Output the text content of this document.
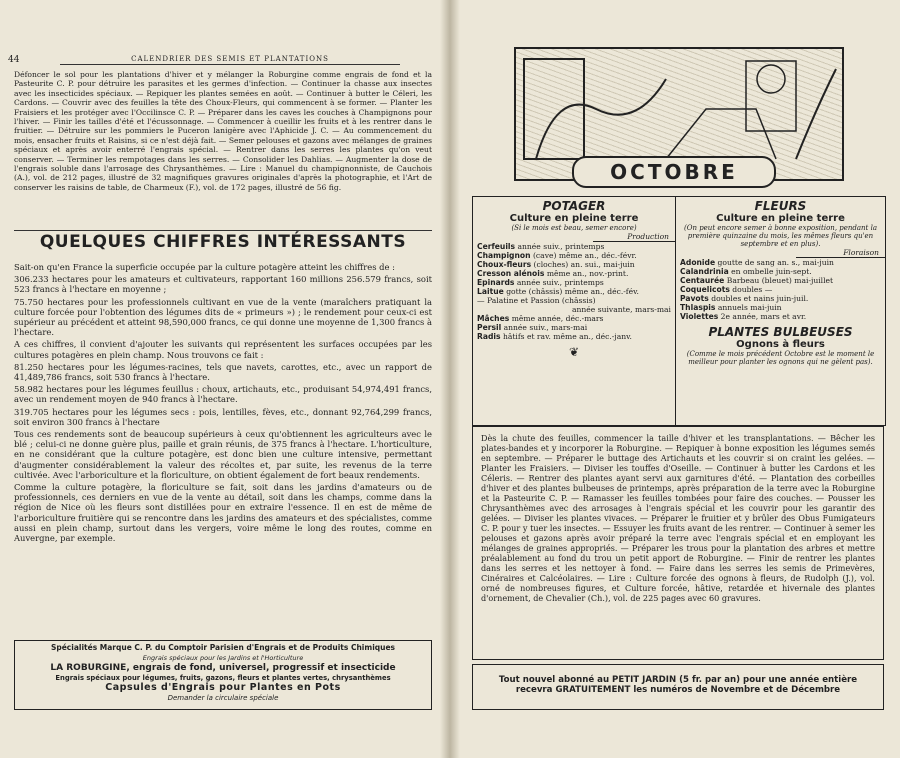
44	CALENDRIER DES SEMIS ET PLANTATIONS
Défoncer le sol pour les plantations d'hiver et y mélanger la Roburgine comme engrais de fond et la Pasteurite C. P. pour détruire les parasites et les germes d'infection. — Continuer la chasse aux insectes avec les insecticides spéciaux. — Repiquer les plantes semées en août. — Continuer à butter le Céleri, les Cardons. — Couvrir avec des feuilles la tête des Choux-Fleurs, qui commencent à se former. — Planter les Fraisiers et les protéger avec l'Occilinsce C. P. — Préparer dans les caves les couches à Champignons pour l'hiver. — Finir les tailles d'été et l'écussonnage. — Commencer à cueillir les fruits et à les rentrer dans le fruitier. — Détruire sur les pommiers le Puceron lanigère avec l'Aphicide J. C. — Au commencement du mois, ensacher fruits et Raisins, si ce n'est déjà fait. — Semer pelouses et gazons avec mélanges de graines spéciaux et après avoir enterré l'engrais spécial. — Rentrer dans les serres les plantes qu'on veut conserver. — Terminer les rempotages dans les serres. — Consolider les Dahlias. — Augmenter la dose de l'engrais soluble dans l'arrosage des Chrysanthèmes. — Lire : Manuel du champignonniste, de Cauchois (A.), vol. de 212 pages, illustré de 32 magnifiques gravures originales d'après la photographie, et l'Art de conserver les raisins de table, de Charmeux (F.), vol. de 172 pages, illustré de 56 fig.
QUELQUES CHIFFRES INTÉRESSANTS

Sait-on qu'en France la superficie occupée par la culture potagère atteint les chiffres de :

306.233 hectares pour les amateurs et cultivateurs, rapportant 160 millions 256.579 francs, soit 523 francs à l'hectare en moyenne ;

75.750 hectares pour les professionnels cultivant en vue de la vente (maraîchers pratiquant la culture forcée pour l'obtention des légumes dits de « primeurs ») ; le rendement pour ceux-ci est supérieur au précédent et atteint 98,590,000 francs, ce qui donne une moyenne de 1,300 francs à l'hectare.

A ces chiffres, il convient d'ajouter les suivants qui représentent les surfaces occupées par les cultures potagères en plein champ. Nous trouvons ce fait :

81.250 hectares pour les légumes-racines, tels que navets, carottes, etc., avec un rapport de 41,489,786 francs, soit 530 francs à l'hectare.

58.982 hectares pour les légumes feuillus : choux, artichauts, etc., produisant 54,974,491 francs, avec un rendement moyen de 940 francs à l'hectare.

319.705 hectares pour les légumes secs : pois, lentilles, fèves, etc., donnant 92,764,299 francs, soit environ 300 francs à l'hectare

Tous ces rendements sont de beaucoup supérieurs à ceux qu'obtiennent les agriculteurs avec le blé ; celui-ci ne donne guère plus, paille et grain réunis, de 375 francs à l'hectare. L'horticulture, en ne considérant que la culture potagère, est donc bien une culture intensive, permettant d'augmenter considérablement la valeur des récoltes et, par suite, les revenus de la terre cultivée. Avec l'arboriculture et la floriculture, on obtient également de fort beaux rendements.

Comme la culture potagère, la floriculture se fait, soit dans les jardins d'amateurs ou de professionnels, ces derniers en vue de la vente au détail, soit dans les champs, comme dans la région de Nice où les fleurs sont distillées pour en extraire l'essence. Il en est de même de l'arboriculture fruitière qui se rencontre dans les jardins des amateurs et des spécialistes, comme aussi en plein champ, surtout dans les vergers, voire même le long des routes, comme en Auvergne, par exemple.

Spécialités Marque C. P. du Comptoir Parisien d'Engrais et de Produits Chimiques
Engrais spéciaux pour les Jardins et l'Horticulture
LA ROBURGINE, engrais de fond, universel, progressif et insecticide
Engrais spéciaux pour légumes, fruits, gazons, fleurs et plantes vertes, chrysanthèmes
Capsules d'Engrais pour Plantes en Pots
Demander la circulaire spéciale
OCTOBRE
POTAGER
Culture en pleine terre
(Si le mois est beau, semer encore)
Production
Cerfeuils année suiv., printemps
Champignon (cave) même an., déc.-févr.
Choux-fleurs (cloches) an. sui., mai-juin
Cresson alénois même an., nov.-print.
Epinards année suiv., printemps
Laitue gotte (châssis) même an., déc.-fév.
— Palatine et Passion (châssis)
année suivante, mars-mai
Mâches même année, déc.-mars
Persil année suiv., mars-mai
Radis hâtifs et rav. même an., déc.-janv.
❦
FLEURS
Culture en pleine terre
(On peut encore semer à bonne exposition, pendant la première quinzaine du mois, les mêmes fleurs qu'en septembre et en plus).
Floraison
Adonide goutte de sang an. s., mai-juin
Calandrinia en ombelle juin-sept.
Centaurée Barbeau (bleuet) mai-juillet
Coquelicots doubles —
Pavots doubles et nains juin-juil.
Thlaspis annuels mai-juin
Violettes 2e année, mars et avr.
PLANTES BULBEUSES
Ognons à fleurs
(Comme le mois précédent Octobre est le moment le meilleur pour planter les ognons qui ne gèlent pas).
Dès la chute des feuilles, commencer la taille d'hiver et les transplantations. — Bêcher les plates-bandes et y incorporer la Roburgine. — Repiquer à bonne exposition les légumes semés en septembre. — Préparer le buttage des Artichauts et les couvrir si on craint les gelées. — Planter les Fraisiers. — Diviser les touffes d'Oseille. — Continuer à butter les Cardons et les Céleris. — Rentrer des plantes ayant servi aux garnitures d'été. — Plantation des corbeilles d'hiver et des plantes bulbeuses de printemps, après préparation de la terre avec la Roburgine et la Pasteurite C. P. — Ramasser les feuilles tombées pour faire des couches. — Pousser les Chrysanthèmes avec des arrosages à l'engrais spécial et les couvrir pour les garantir des gelées. — Diviser les plantes vivaces. — Préparer le fruitier et y brûler des Obus Fumigateurs C. P. pour y tuer les insectes. — Essuyer les fruits avant de les rentrer. — Continuer à semer les pelouses et gazons après avoir préparé la terre avec l'engrais spécial et en employant les mélanges de graines appropriés. — Préparer les trous pour la plantation des arbres et mettre préalablement au fond du trou un petit apport de Roburgine. — Finir de rentrer les plantes dans les serres et les nettoyer à fond. — Faire dans les serres les semis de Primevères, Cinéraires et Calcéolaires. — Lire : Culture forcée des ognons à fleurs, de Rudolph (J.), vol. orné de nombreuses figures, et Culture forcée, hâtive, retardée et hivernale des plantes d'ornement, de Chevalier (Ch.), vol. de 225 pages avec 60 gravures.
Tout nouvel abonné au PETIT JARDIN (5 fr. par an) pour une année entière
recevra GRATUITEMENT les numéros de Novembre et de Décembre
